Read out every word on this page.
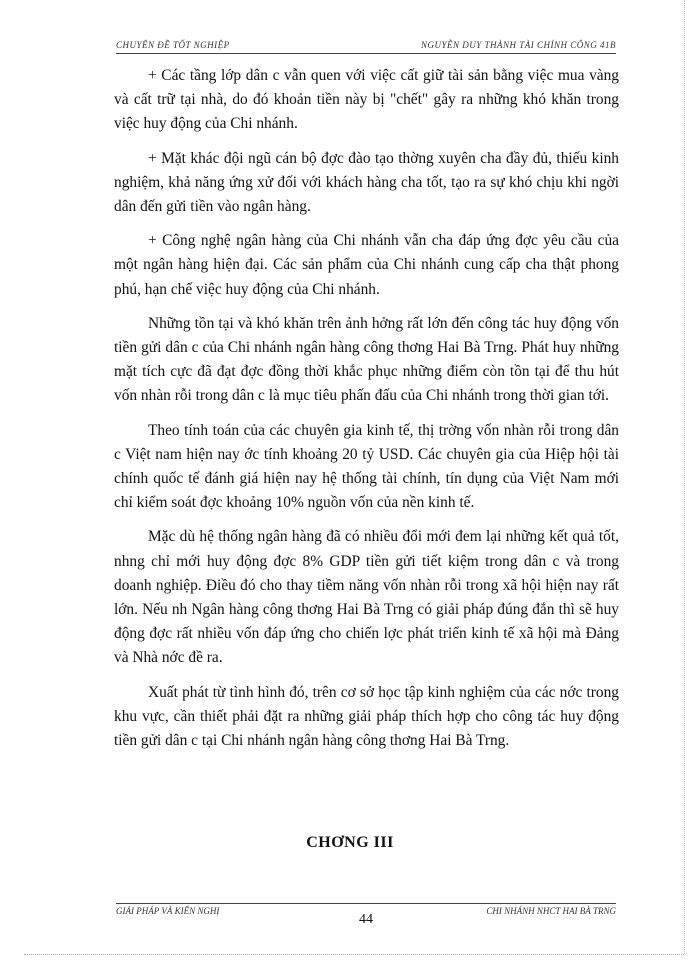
CHUYÊN ĐỀ TỐT NGHIỆP	NGUYỄN DUY THÀNH TÀI CHÍNH CÔNG 41B

+ Các tầng lớp dân c vẫn quen với việc cất giữ tài sản bằng việc mua vàng và cất trữ tại nhà, do đó khoản tiền này bị "chết" gây ra những khó khăn trong việc huy động của Chi nhánh.

+ Mặt khác đội ngũ cán bộ đợc đào tạo thờng xuyên cha đầy đủ, thiếu kinh nghiệm, khả năng ứng xử đối với khách hàng cha tốt, tạo ra sự khó chịu khi ngời dân đến gửi tiền vào ngân hàng.

+ Công nghệ ngân hàng của Chi nhánh vẫn cha đáp ứng đợc yêu cầu của một ngân hàng hiện đại. Các sản phẩm của Chi nhánh cung cấp cha thật phong phú, hạn chế việc huy động của Chi nhánh.

Những tồn tại và khó khăn trên ảnh hởng rất lớn đến công tác huy động vốn tiền gửi dân c của Chi nhánh ngân hàng công thơng Hai Bà Trng. Phát huy những mặt tích cực đã đạt đợc đồng thời khắc phục những điểm còn tồn tại để thu hút vốn nhàn rỗi trong dân c là mục tiêu phấn đấu của Chi nhánh trong thời gian tới.

Theo tính toán của các chuyên gia kinh tế, thị trờng vốn nhàn rỗi trong dân c Việt nam hiện nay ớc tính khoảng 20 tỷ USD. Các chuyên gia của Hiệp hội tài chính quốc tế đánh giá hiện nay hệ thống tài chính, tín dụng của Việt Nam mới chỉ kiểm soát đợc khoảng 10% nguồn vốn của nền kinh tế.

Mặc dù hệ thống ngân hàng đã có nhiều đổi mới đem lại những kết quả tốt, nhng chỉ mới huy động đợc 8% GDP tiền gửi tiết kiệm trong dân c và trong doanh nghiệp. Điều đó cho thay tiềm năng vốn nhàn rỗi trong xã hội hiện nay rất lớn. Nếu nh Ngân hàng công thơng Hai Bà Trng có giải pháp đúng đắn thì sẽ huy động đợc rất nhiều vốn đáp ứng cho chiến lợc phát triển kinh tế xã hội mà Đảng và Nhà nớc đề ra.

Xuất phát từ tình hình đó, trên cơ sở học tập kinh nghiệm của các nớc trong khu vực, cần thiết phải đặt ra những giải pháp thích hợp cho công tác huy động tiền gửi dân c tại Chi nhánh ngân hàng công thơng Hai Bà Trng.

CHƠNG III
GIẢI PHÁP VÀ KIẾN NGHỊ
44
CHI NHÁNH NHCT HAI BÀ TRNG
